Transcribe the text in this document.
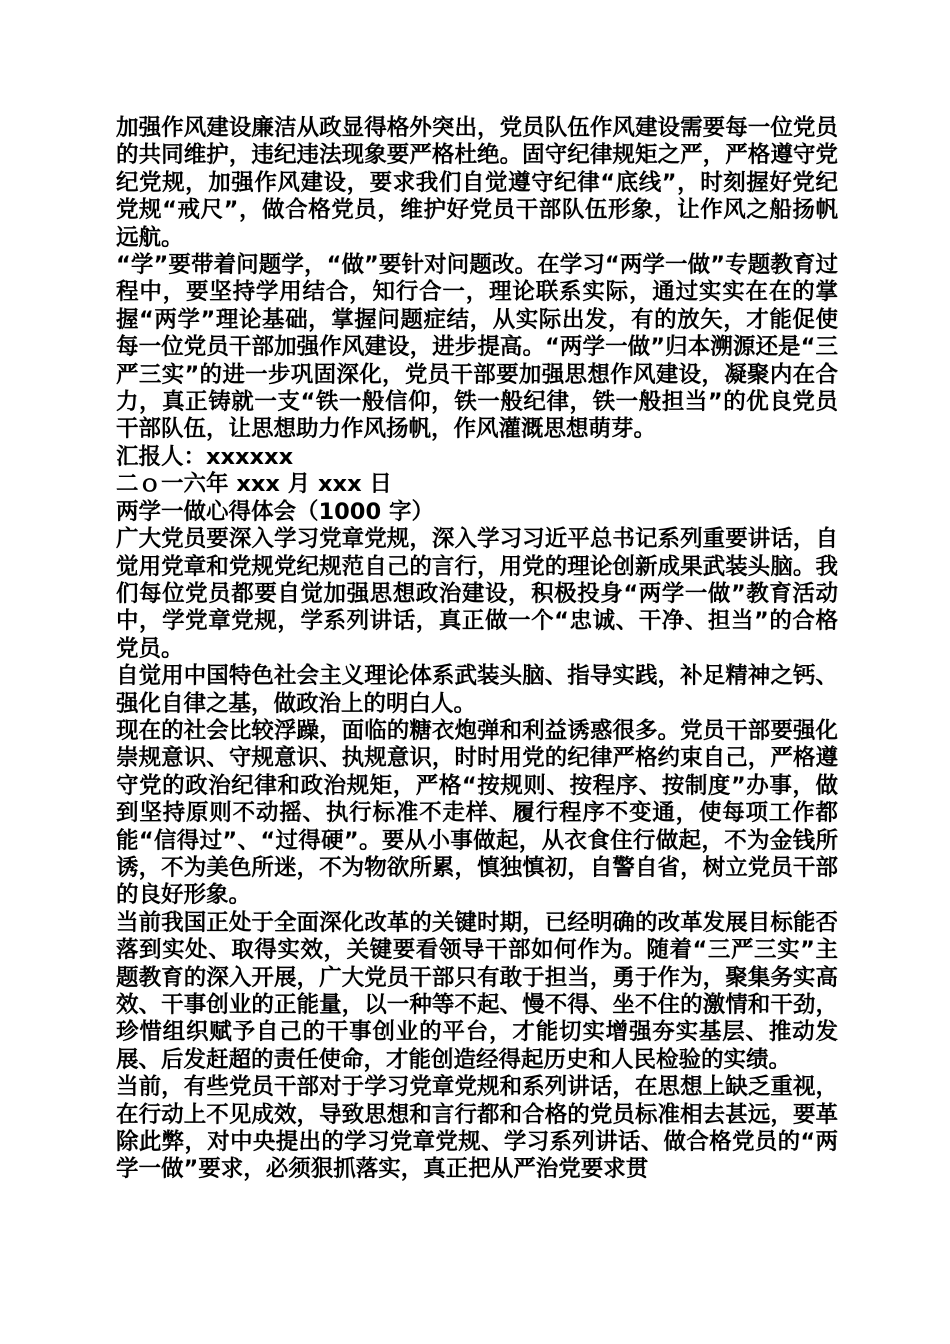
加强作风建设廉洁从政显得格外突出，党员队伍作风建设需要每一位党员的共同维护，违纪违法现象要严格杜绝。固守纪律规矩之严，严格遵守党纪党规，加强作风建设，要求我们自觉遵守纪律“底线”，时刻握好党纪党规“戒尺”，做合格党员，维护好党员干部队伍形象，让作风之船扬帆远航。

“学”要带着问题学，“做”要针对问题改。在学习“两学一做”专题教育过程中，要坚持学用结合，知行合一，理论联系实际，通过实实在在的掌握“两学”理论基础，掌握问题症结，从实际出发，有的放矢，才能促使每一位党员干部加强作风建设，进步提高。“两学一做”归本溯源还是“三严三实”的进一步巩固深化，党员干部要加强思想作风建设，凝聚内在合力，真正铸就一支“铁一般信仰，铁一般纪律，铁一般担当”的优良党员干部队伍，让思想助力作风扬帆，作风灌溉思想萌芽。

汇报人：xxxxxx

二ｏ一六年 xxx 月 xxx 日

两学一做心得体会（1000 字）

广大党员要深入学习党章党规，深入学习习近平总书记系列重要讲话，自觉用党章和党规党纪规范自己的言行，用党的理论创新成果武装头脑。我们每位党员都要自觉加强思想政治建设，积极投身“两学一做”教育活动中，学党章党规，学系列讲话，真正做一个“忠诚、干净、担当”的合格党员。

自觉用中国特色社会主义理论体系武装头脑、指导实践，补足精神之钙、强化自律之基，做政治上的明白人。

现在的社会比较浮躁，面临的糖衣炮弹和利益诱惑很多。党员干部要强化崇规意识、守规意识、执规意识，时时用党的纪律严格约束自己，严格遵守党的政治纪律和政治规矩，严格“按规则、按程序、按制度”办事，做到坚持原则不动摇、执行标准不走样、履行程序不变通，使每项工作都能“信得过”、“过得硬”。要从小事做起，从衣食住行做起，不为金钱所诱，不为美色所迷，不为物欲所累，慎独慎初，自警自省，树立党员干部的良好形象。

当前我国正处于全面深化改革的关键时期，已经明确的改革发展目标能否落到实处、取得实效，关键要看领导干部如何作为。随着“三严三实”主题教育的深入开展，广大党员干部只有敢于担当，勇于作为，聚集务实高效、干事创业的正能量，以一种等不起、慢不得、坐不住的激情和干劲，珍惜组织赋予自己的干事创业的平台，才能切实增强夯实基层、推动发展、后发赶超的责任使命，才能创造经得起历史和人民检验的实绩。

当前，有些党员干部对于学习党章党规和系列讲话，在思想上缺乏重视，在行动上不见成效，导致思想和言行都和合格的党员标准相去甚远，要革除此弊，对中央提出的学习党章党规、学习系列讲话、做合格党员的“两学一做”要求，必须狠抓落实，真正把从严治党要求贯
